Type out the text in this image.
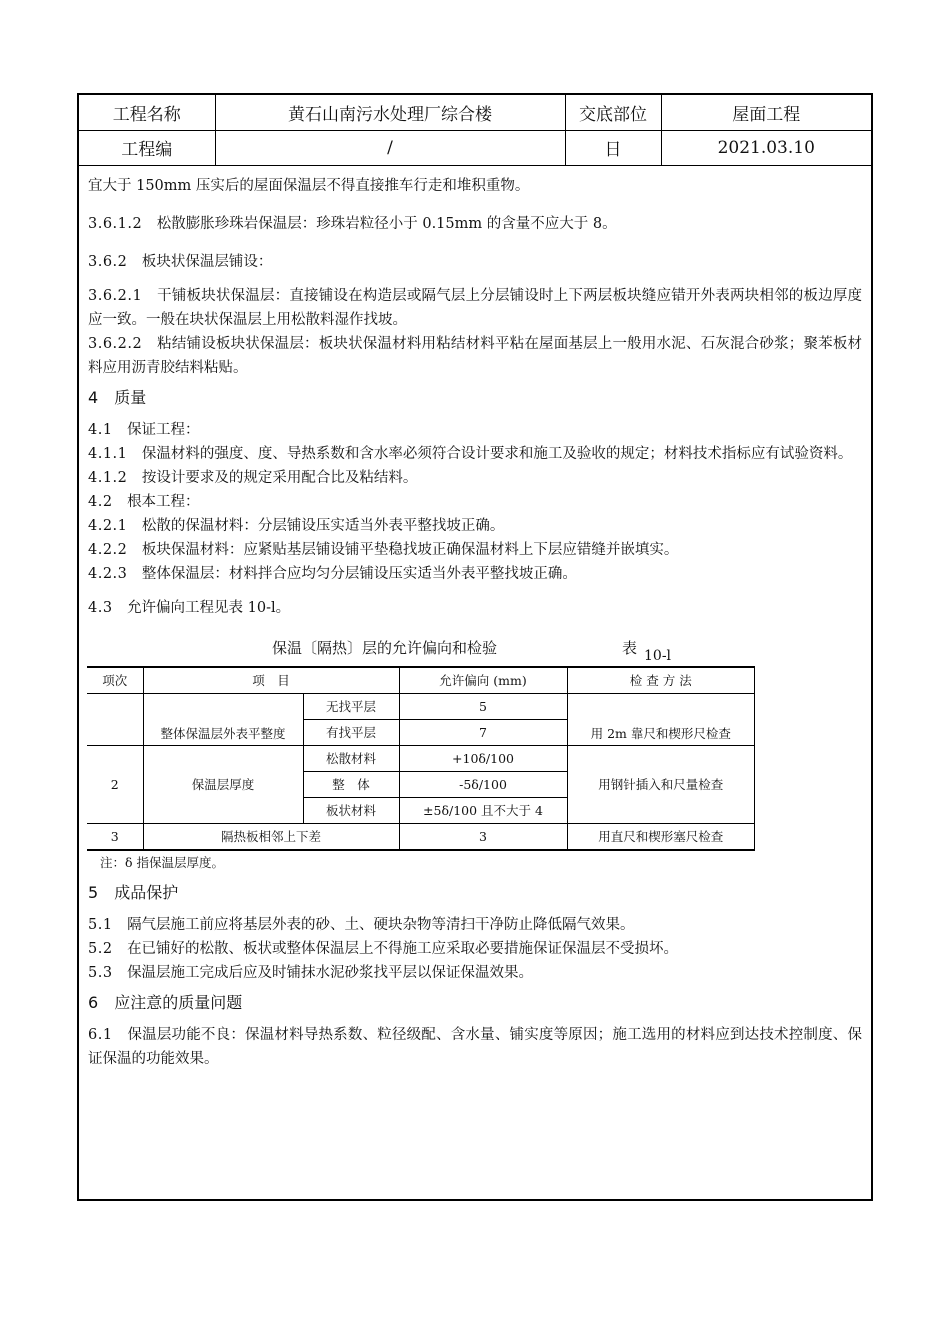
工程名称	黄石山南污水处理厂综合楼	交底部位	屋面工程
工程编	/	日	2021.03.10

宜大于 150mm 压实后的屋面保温层不得直接推车行走和堆积重物。

3.6.1.2　 松散膨胀珍珠岩保温层：珍珠岩粒径小于 0.15mm 的含量不应大于 8。

3.6.2　 板块状保温层铺设：

3.6.2.1　 干铺板块状保温层：直接铺设在构造层或隔气层上分层铺设时上下两层板块缝应错开外表两块相邻的板边厚度应一致。一般在块状保温层上用松散料湿作找坡。

3.6.2.2　 粘结铺设板块状保温层：板块状保温材料用粘结材料平粘在屋面基层上一般用水泥、石灰混合砂浆；聚苯板材料应用沥青胶结料粘贴。

4　 质量

4.1　 保证工程：

4.1.1　 保温材料的强度、度、导热系数和含水率必须符合设计要求和施工及验收的规定；材料技术指标应有试验资料。

4.1.2　 按设计要求及的规定采用配合比及粘结料。

4.2　 根本工程：

4.2.1　 松散的保温材料：分层铺设压实适当外表平整找坡正确。

4.2.2　 板块保温材料：应紧贴基层铺设铺平垫稳找坡正确保温材料上下层应错缝并嵌填实。

4.2.3　 整体保温层：材料拌合应均匀分层铺设压实适当外表平整找坡正确。

4.3　 允许偏向工程见表 10-l。

保温〔隔热〕层的允许偏向和检验	表 10-l
项次	项　目		允许偏向 (mm)	检 查 方 法
	整体保温层外表平整度	无找平层	5	用 2m 靠尺和楔形尺检查
		有找平层	7	
2	保温层厚度	松散材料	+10δ/100	用钢针插入和尺量检查
		整　体	-5δ/100	
		板状材料	±5δ/100 且不大于 4	
3	隔热板相邻上下差		3	用直尺和楔形塞尺检查
注：δ 指保温层厚度。
5　 成品保护

5.1　 隔气层施工前应将基层外表的砂、土、硬块杂物等清扫干净防止降低隔气效果。

5.2　 在已铺好的松散、板状或整体保温层上不得施工应采取必要措施保证保温层不受损坏。

5.3　 保温层施工完成后应及时铺抹水泥砂浆找平层以保证保温效果。

6　 应注意的质量问题

6.1　 保温层功能不良：保温材料导热系数、粒径级配、含水量、铺实度等原因；施工选用的材料应到达技术控制度、保证保温的功能效果。
